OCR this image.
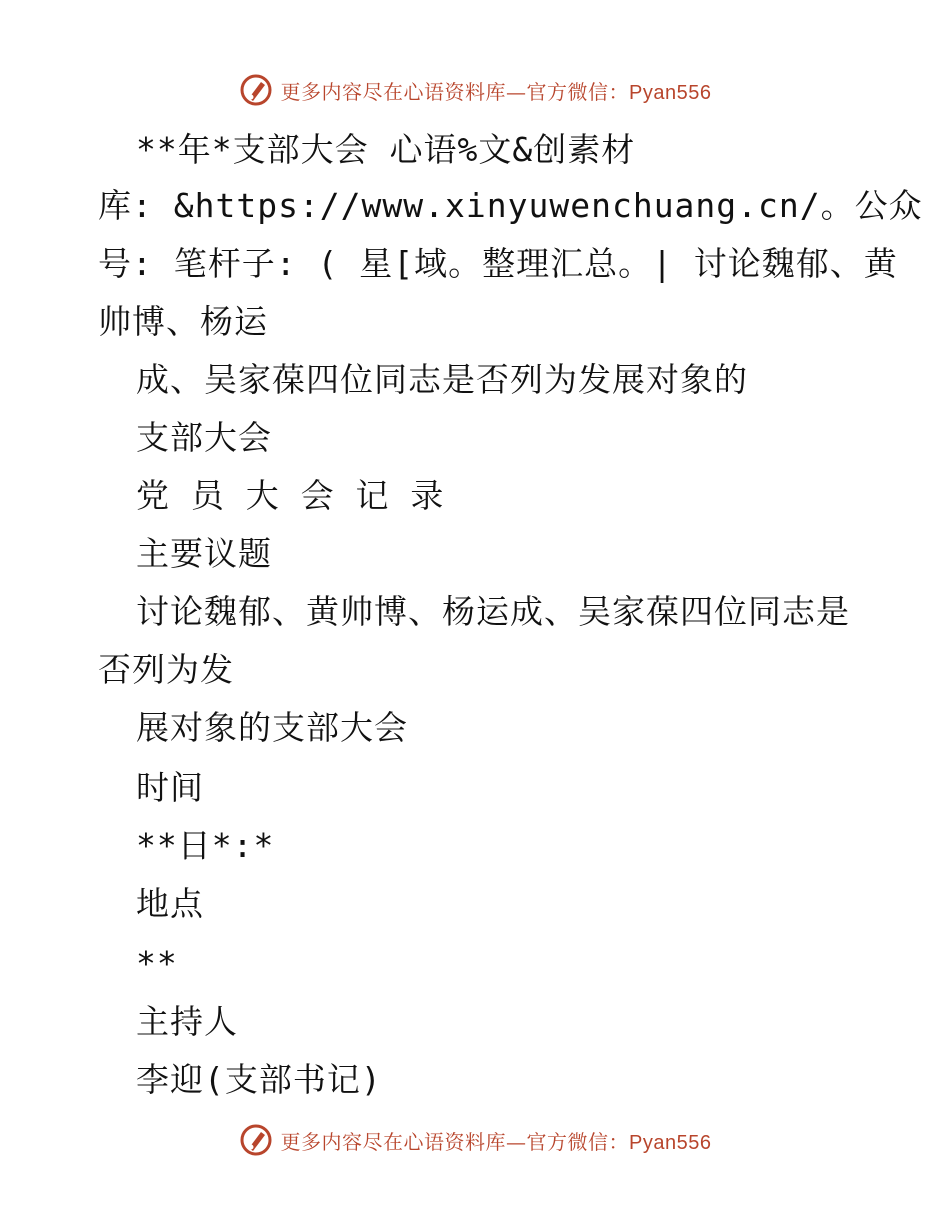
更多内容尽在心语资料库—官方微信：Pyan556
**年*支部大会 心语%文&创素材
库: &https://www.xinyuwenchuang.cn/。公众
号: 笔杆子: ( 星[域。整理汇总。| 讨论魏郁、黄
帅博、杨运
成、吴家葆四位同志是否列为发展对象的
支部大会
党 员 大 会 记 录
主要议题
讨论魏郁、黄帅博、杨运成、吴家葆四位同志是
否列为发
展对象的支部大会
时间
**日*:*
地点
**
主持人
李迎(支部书记)
更多内容尽在心语资料库—官方微信：Pyan556
